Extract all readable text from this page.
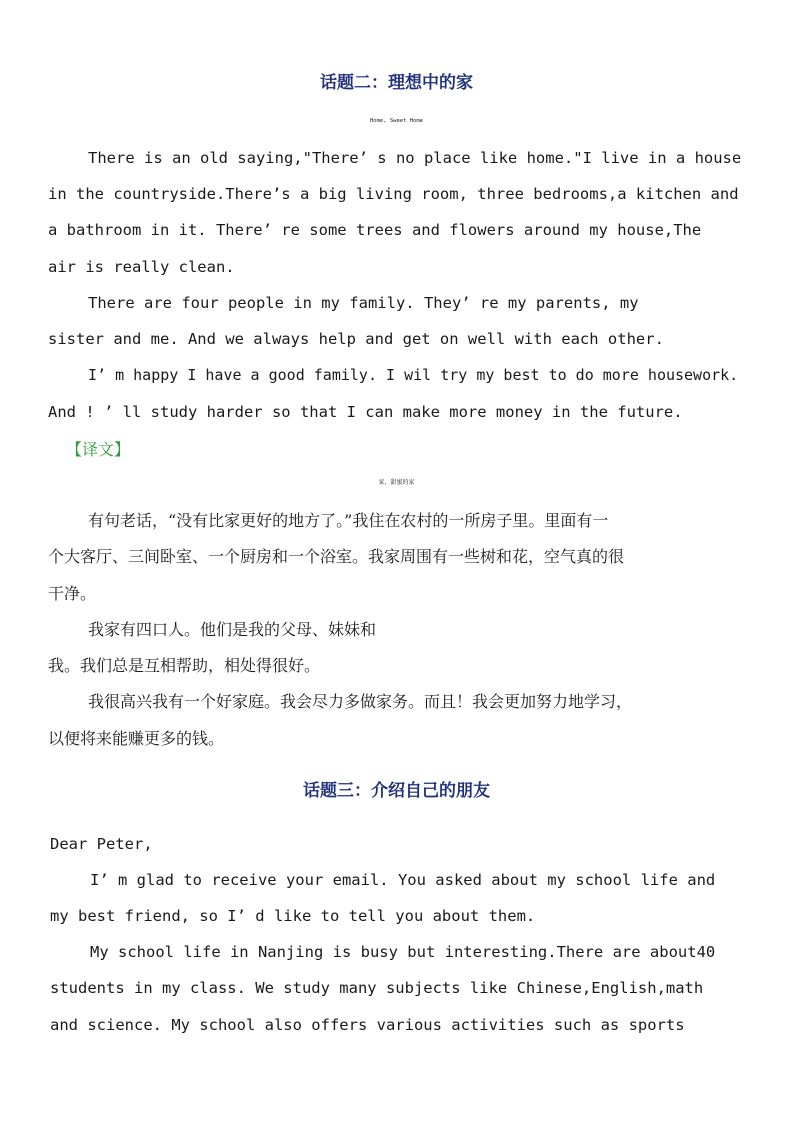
话题二：理想中的家
Home, Sweet Home
There is an old saying,"There’ s no place like home."I live in a house
in the countryside.There’s a big living room, three bedrooms,a kitchen and
a bathroom in it. There’ re some trees and flowers around my house,The
air is really clean.
There are four people in my family. They’ re my parents, my
sister and me. And we always help and get on well with each other.
I’ m happy I have a good family. I wil try my best to do more housework.
And ! ’ ll study harder so that I can make more money in the future.
【译文】
家，甜蜜的家
有句老话，“没有比家更好的地方了。”我住在农村的一所房子里。里面有一
个大客厅、三间卧室、一个厨房和一个浴室。我家周围有一些树和花，空气真的很
干净。
我家有四口人。他们是我的父母、妹妹和
我。我们总是互相帮助，相处得很好。
我很高兴我有一个好家庭。我会尽力多做家务。而且！我会更加努力地学习，
以便将来能赚更多的钱。
话题三：介绍自己的朋友
Dear Peter,
I’ m glad to receive your email. You asked about my school life and
my best friend, so I’ d like to tell you about them.
My school life in Nanjing is busy but interesting.There are about40
students in my class. We study many subjects like Chinese,English,math
and science. My school also offers various activities such as sports
